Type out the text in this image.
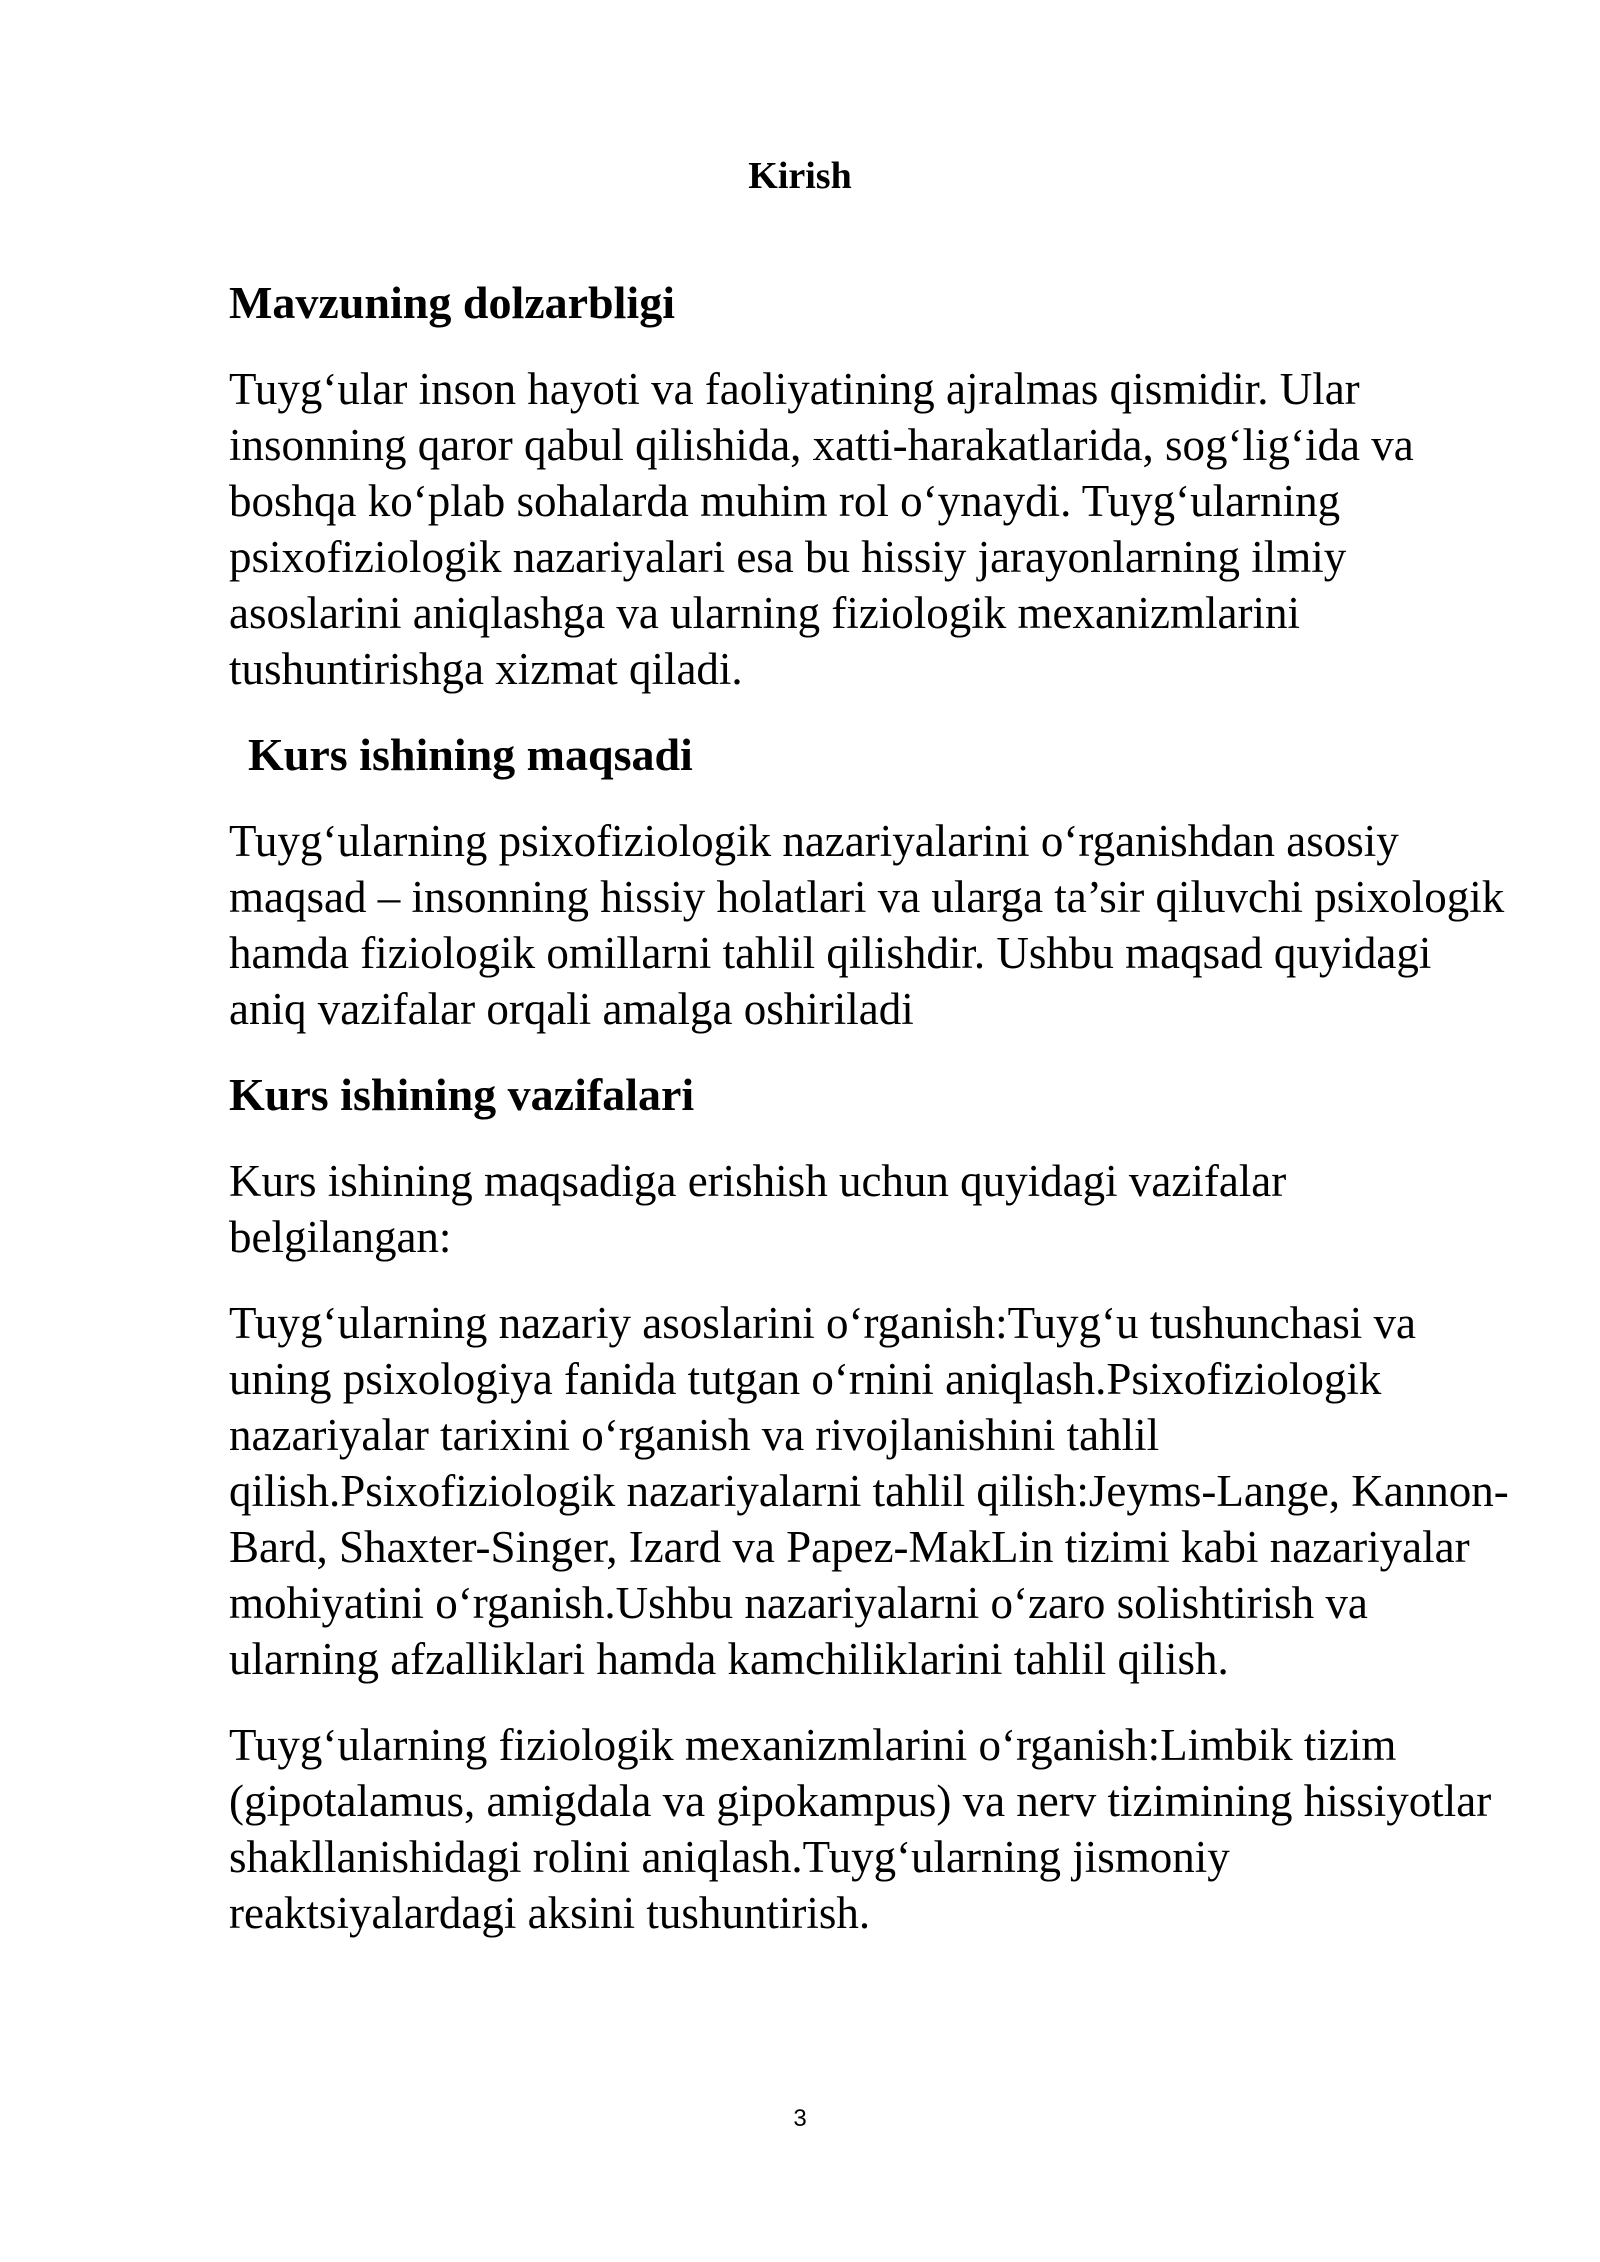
Kirish

Mavzuning dolzarbligi

Tuyg‘ular inson hayoti va faoliyatining ajralmas qismidir. Ular insonning qaror qabul qilishida, xatti-harakatlarida, sog‘lig‘ida va boshqa ko‘plab sohalarda muhim rol o‘ynaydi. Tuyg‘ularning psixofiziologik nazariyalari esa bu hissiy jarayonlarning ilmiy asoslarini aniqlashga va ularning fiziologik mexanizmlarini tushuntirishga xizmat qiladi.

Kurs ishining maqsadi

Tuyg‘ularning psixofiziologik nazariyalarini o‘rganishdan asosiy maqsad – insonning hissiy holatlari va ularga ta’sir qiluvchi psixologik hamda fiziologik omillarni tahlil qilishdir. Ushbu maqsad quyidagi aniq vazifalar orqali amalga oshiriladi

Kurs ishining vazifalari

Kurs ishining maqsadiga erishish uchun quyidagi vazifalar belgilangan:

Tuyg‘ularning nazariy asoslarini o‘rganish:Tuyg‘u tushunchasi va uning psixologiya fanida tutgan o‘rnini aniqlash.Psixofiziologik nazariyalar tarixini o‘rganish va rivojlanishini tahlil qilish.Psixofiziologik nazariyalarni tahlil qilish:Jeyms-Lange, Kannon-Bard, Shaxter-Singer, Izard va Papez-MakLin tizimi kabi nazariyalar mohiyatini o‘rganish.Ushbu nazariyalarni o‘zaro solishtirish va ularning afzalliklari hamda kamchiliklarini tahlil qilish.

Tuyg‘ularning fiziologik mexanizmlarini o‘rganish:Limbik tizim (gipotalamus, amigdala va gipokampus) va nerv tizimining hissiyotlar shakllanishidagi rolini aniqlash.Tuyg‘ularning jismoniy reaktsiyalardagi aksini tushuntirish.

3
